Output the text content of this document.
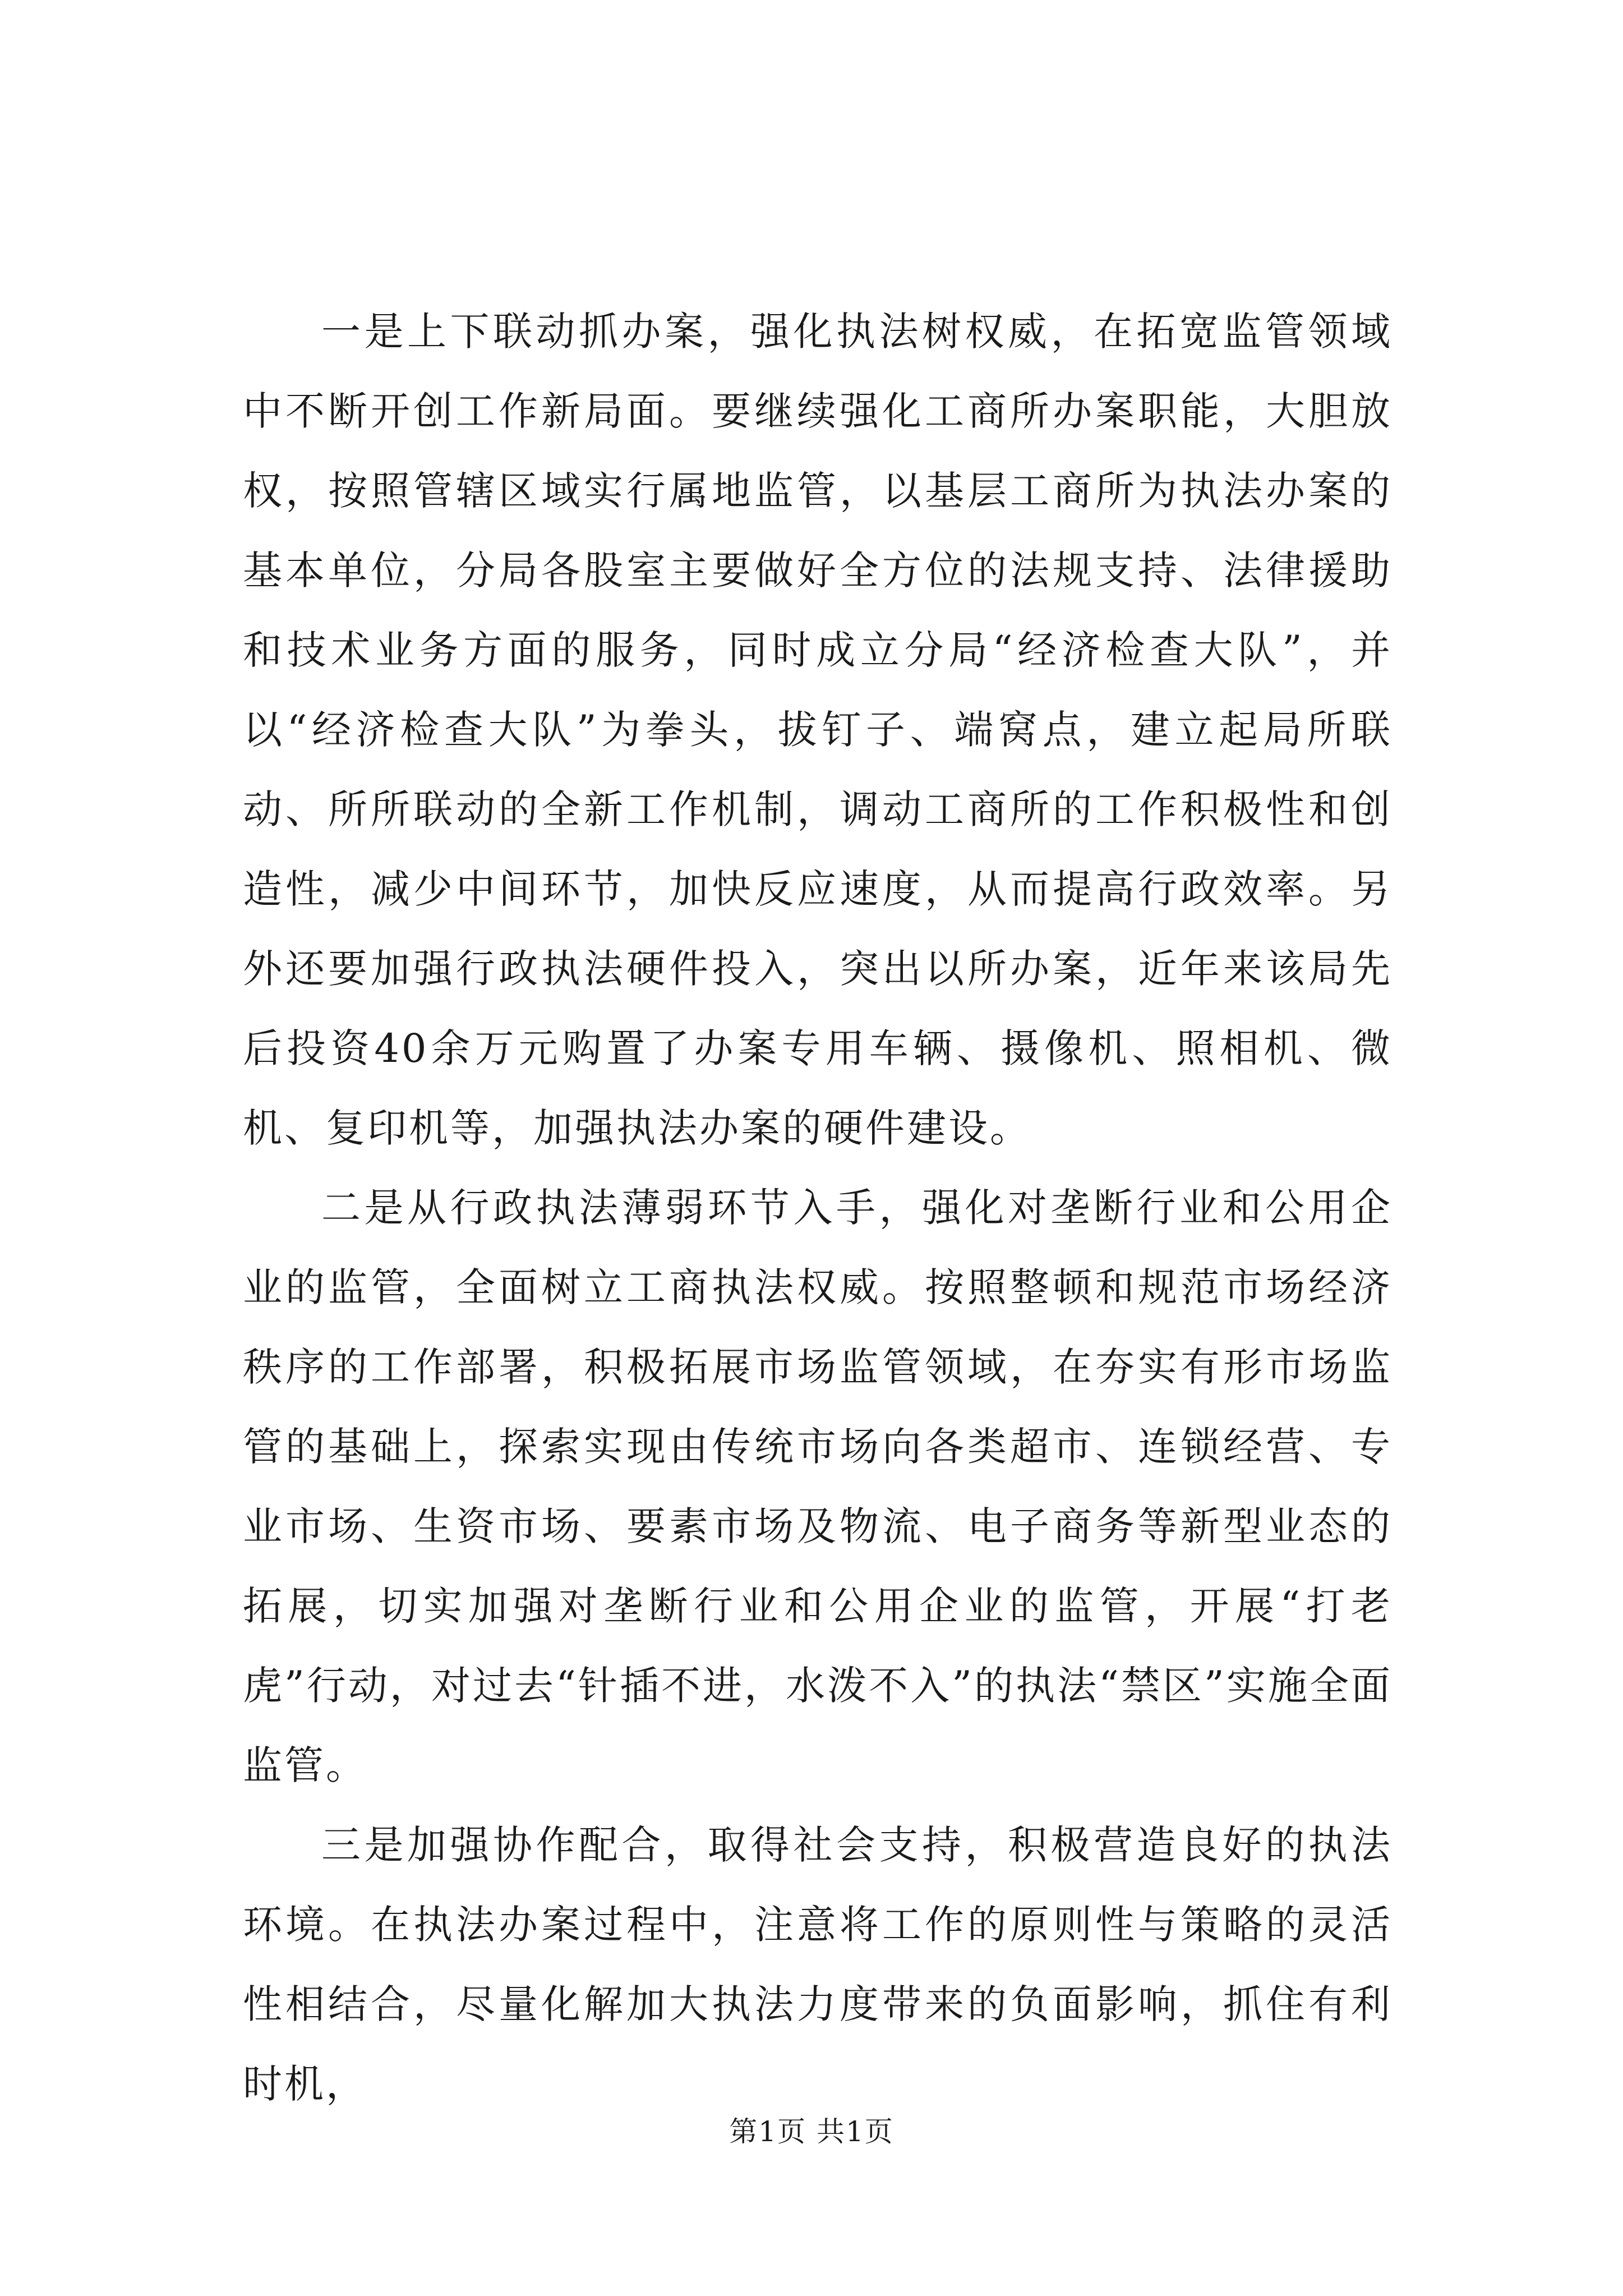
一是上下联动抓办案，强化执法树权威，在拓宽监管领域中不断开创工作新局面。要继续强化工商所办案职能，大胆放权，按照管辖区域实行属地监管，以基层工商所为执法办案的基本单位，分局各股室主要做好全方位的法规支持、法律援助和技术业务方面的服务，同时成立分局“经济检查大队”，并以“经济检查大队”为拳头，拔钉子、端窝点，建立起局所联动、所所联动的全新工作机制，调动工商所的工作积极性和创造性，减少中间环节，加快反应速度，从而提高行政效率。另外还要加强行政执法硬件投入，突出以所办案，近年来该局先后投资40余万元购置了办案专用车辆、摄像机、照相机、微机、复印机等，加强执法办案的硬件建设。

二是从行政执法薄弱环节入手，强化对垄断行业和公用企业的监管，全面树立工商执法权威。按照整顿和规范市场经济秩序的工作部署，积极拓展市场监管领域，在夯实有形市场监管的基础上，探索实现由传统市场向各类超市、连锁经营、专业市场、生资市场、要素市场及物流、电子商务等新型业态的拓展，切实加强对垄断行业和公用企业的监管，开展“打老虎”行动，对过去“针插不进，水泼不入”的执法“禁区”实施全面监管。

三是加强协作配合，取得社会支持，积极营造良好的执法环境。在执法办案过程中，注意将工作的原则性与策略的灵活性相结合，尽量化解加大执法力度带来的负面影响，抓住有利时机，

第1页 共1页
